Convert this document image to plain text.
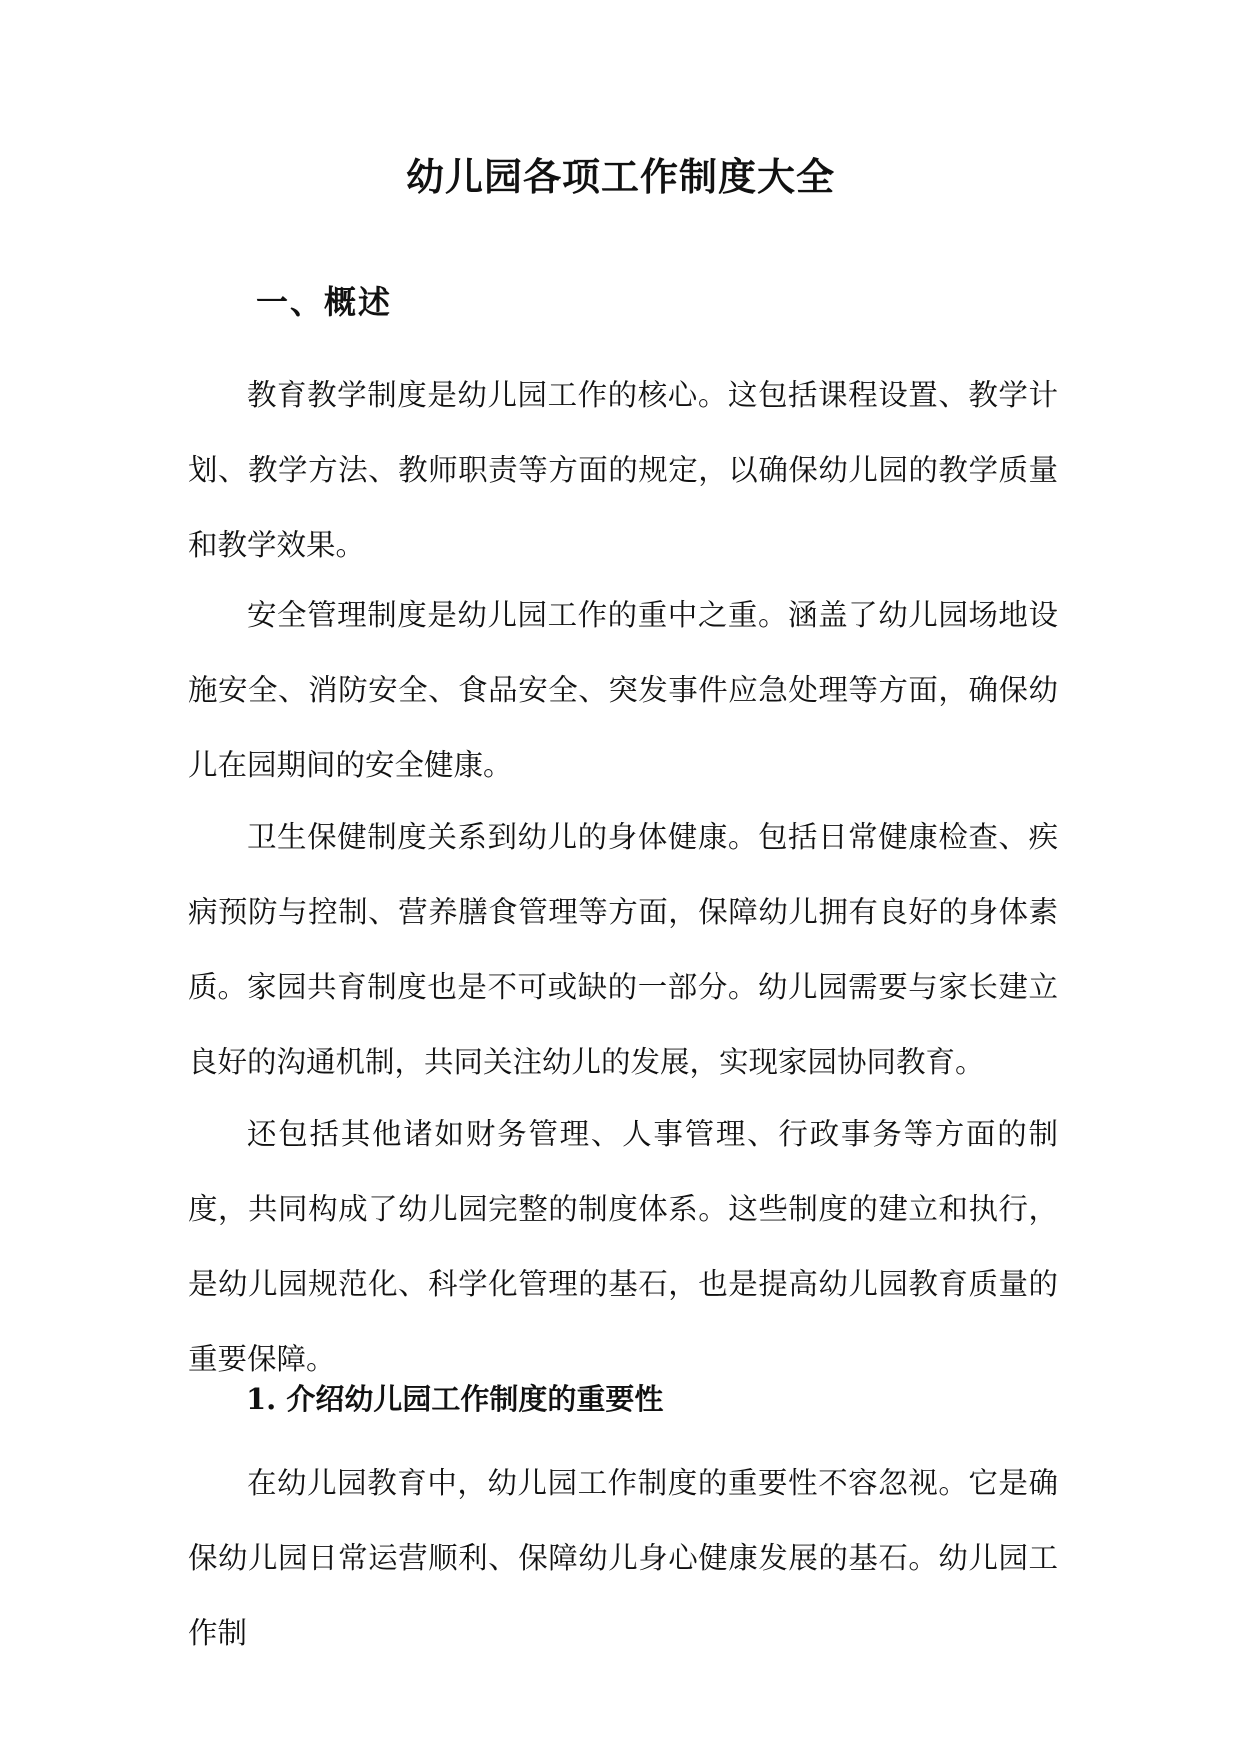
幼儿园各项工作制度大全
一、概述

教育教学制度是幼儿园工作的核心。这包括课程设置、教学计划、教学方法、教师职责等方面的规定，以确保幼儿园的教学质量和教学效果。

安全管理制度是幼儿园工作的重中之重。涵盖了幼儿园场地设施安全、消防安全、食品安全、突发事件应急处理等方面，确保幼儿在园期间的安全健康。

卫生保健制度关系到幼儿的身体健康。包括日常健康检查、疾病预防与控制、营养膳食管理等方面，保障幼儿拥有良好的身体素质。 家园共育制度也是不可或缺的一部分。幼儿园需要与家长建立良好的沟通机制，共同关注幼儿的发展，实现家园协同教育。

还包括其他诸如财务管理、人事管理、行政事务等方面的制度，共同构成了幼儿园完整的制度体系。这些制度的建立和执行，是幼儿园规范化、科学化管理的基石，也是提高幼儿园教育质量的重要保障。

1. 介绍幼儿园工作制度的重要性

在幼儿园教育中，幼儿园工作制度的重要性不容忽视。它是确保幼儿园日常运营顺利、保障幼儿身心健康发展的基石。幼儿园工作制
